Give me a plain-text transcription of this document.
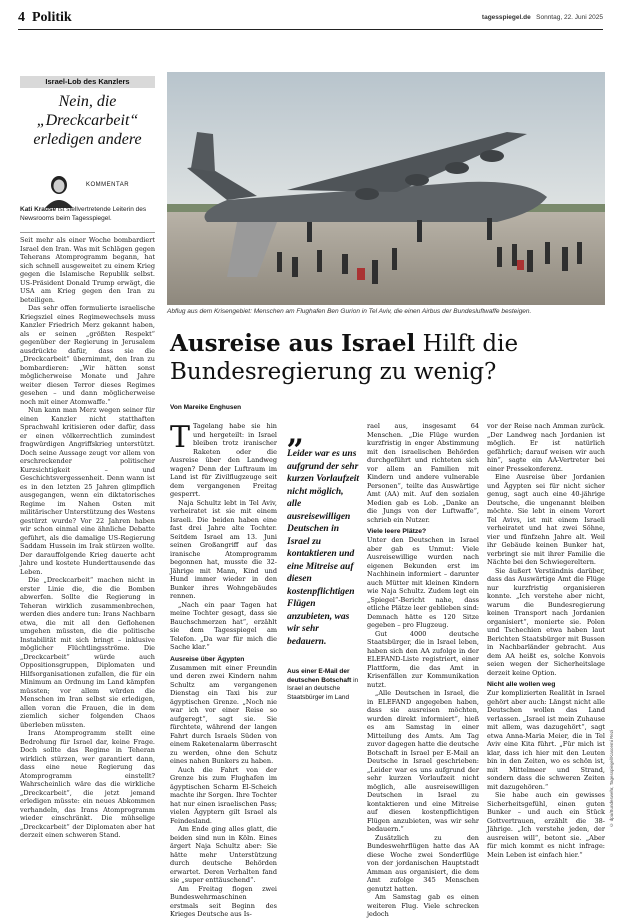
4 Politik	tagesspiegel.de Sonntag, 22. Juni 2025
Israel-Lob des Kanzlers
Nein, die „Dreckcarbeit“ erledigen andere
KOMMENTAR
Kati Krause ist stellvertretende Leiterin des Newsrooms beim Tagesspiegel.

Seit mehr als einer Woche bombardiert Israel den Iran. Was mit Schlägen gegen Teherans Atomprogramm begann, hat sich schnell ausgeweitet zu einem Krieg gegen die Islamische Republik selbst. US-Präsident Donald Trump erwägt, die USA am Krieg gegen den Iran zu beteiligen.

Das sehr offen formulierte israelische Kriegsziel eines Regimewechsels muss Kanzler Friedrich Merz gekannt haben, als er seinen „größten Respekt“ gegenüber der Regierung in Jerusalem ausdrückte dafür, dass sie die „Dreckcarbeit“ übernimmt, den Iran zu bombardieren: „Wir hätten sonst möglicherweise Monate und Jahre weiter diesen Terror dieses Regimes gesehen – und dann möglicherweise noch mit einer Atomwaffe.“

Nun kann man Merz wegen seiner für einen Kanzler nicht statthaften Sprachwahl kritisieren oder dafür, dass er einen völkerrechtlich zumindest fragwürdigen Angriffskrieg unterstützt. Doch seine Aussage zeugt vor allem von erschreckender politischer Kurzsichtigkeit – und Geschichtsvergessenheit. Denn wann ist es in den letzten 25 Jahren glimpflich ausgegangen, wenn ein diktatorisches Regime im Nahen Osten mit militärischer Unterstützung des Westens gestürzt wurde? Vor 22 Jahren haben wir schon einmal eine ähnliche Debatte geführt, als die damalige US-Regierung Saddam Hussein im Irak stürzen wollte. Der darauffolgende Krieg dauerte acht Jahre und kostete Hunderttausende das Leben.

Die „Dreckcarbeit“ machen nicht in erster Linie die, die die Bomben abwerfen. Sollte die Regierung in Teheran wirklich zusammenbrechen, werden dies andere tun: Irans Nachbarn etwa, die mit all den Geflohenen umgehen müssten, die die politische Instabilität mit sich bringt – inklusive möglicher Flüchtlingsströme. Die „Dreckcarbeit“ würde auch Oppositionsgruppen, Diplomaten und Hilfsorganisationen zufallen, die für ein Minimum an Ordnung im Land kämpfen müssten; vor allem würden die Menschen im Iran selbst sie erledigen, allen voran die Frauen, die in dem ziemlich sicher folgenden Chaos überleben müssten.

Irans Atomprogramm stellt eine Bedrohung für Israel dar, keine Frage. Doch sollte das Regime in Teheran wirklich stürzen, wer garantiert dann, dass eine neue Regierung das Atomprogramm einstellt? Wahrscheinlich wäre das die wirkliche „Dreckcarbeit“, die jetzt jemand erledigen müsste: ein neues Abkommen verhandeln, das Irans Atomprogramm wieder einschränkt. Die mühselige „Dreckcarbeit“ der Diplomaten aber hat derzeit einen schweren Stand.

Abflug aus dem Krisengebiet: Menschen am Flughafen Ben Gurion in Tel Aviv, die einen Airbus der Bundesluftwaffe besteigen.
Ausreise aus Israel Hilft die Bundesregierung zu wenig?
Von Mareike Enghusen

T Tagelang habe sie hin und hergeteilt: in Israel bleiben trotz iranischer Raketen oder die Ausreise über den Landweg wagen? Denn der Luftraum im Land ist für Zivilflugzeuge seit dem vergangenen Freitag gesperrt.

Naja Schultz lebt in Tel Aviv, verheiratet ist sie mit einem Israeli. Die beiden haben eine fast drei Jahre alte Tochter. Seitdem Israel am 13. Juni seinen Großangriff auf das iranische Atomprogramm begonnen hat, musste die 32-Jährige mit Mann, Kind und Hund immer wieder in den Bunker ihres Wohngebäudes rennen.

„Nach ein paar Tagen hat meine Tochter gesagt, dass sie Bauchschmerzen hat“, erzählt sie dem Tagesspiegel am Telefon. „Da war für mich die Sache klar.“

Ausreise über Ägypten

Zusammen mit einer Freundin und deren zwei Kindern nahm Schultz am vergangenen Dienstag ein Taxi bis zur ägyptischen Grenze. „Noch nie war ich vor einer Reise so aufgeregt“, sagt sie. Sie fürchtete, während der langen Fahrt durch Israels Süden von einem Raketenalarm überrascht zu werden, ohne den Schutz eines nahen Bunkers zu haben.

Auch die Fahrt von der Grenze bis zum Flughafen im ägyptischen Scharm El-Scheich machte ihr Sorgen. Ihre Tochter hat nur einen israelischen Pass; vielen Ägyptern gilt Israel als Feindesland.

Am Ende ging alles glatt, die beiden sind nun in Köln. Eines ärgert Naja Schultz aber: Sie hätte mehr Unterstützung durch deutsche Behörden erwartet. Deren Verhalten fand sie „super enttäuschend“.

Am Freitag flogen zwei Bundeswehrmaschinen erstmals seit Beginn des Krieges Deutsche aus Is-

„
Leider war es uns aufgrund der sehr kurzen Vorlaufzeit nicht möglich, alle ausreisewilligen Deutschen in Israel zu kontaktieren und eine Mitreise auf diesen kostenpflichtigen Flügen anzubieten, was wir sehr bedauern.
Aus einer E-Mail der deutschen Botschaft in Israel an deutsche Staatsbürger im Land

rael aus, insgesamt 64 Menschen. „Die Flüge wurden kurzfristig in enger Abstimmung mit den israelischen Behörden durchgeführt und richteten sich vor allem an Familien mit Kindern und andere vulnerable Personen“, teilte das Auswärtige Amt (AA) mit. Auf den sozialen Medien gab es Lob. „Danke an die Jungs von der Luftwaffe“, schrieb ein Nutzer.

Viele leere Plätze?

Unter den Deutschen in Israel aber gab es Unmut: Viele Ausreisewillige wurden nach eigenen Bekunden erst im Nachhinein informiert – darunter auch Mütter mit kleinen Kindern wie Naja Schultz. Zudem legt ein „Spiegel“-Bericht nahe, dass etliche Plätze leer geblieben sind: Demnach hätte es 120 Sitze gegeben – pro Flugzeug.

Gut 4000 deutsche Staatsbürger, die in Israel leben, haben sich den AA zufolge in der ELEFAND-Liste registriert, einer Plattform, die das Amt in Krisenfällen zur Kommunikation nutzt.

„Alle Deutschen in Israel, die in ELEFAND angegeben haben, dass sie ausreisen möchten, wurden direkt informiert“, hieß es am Samstag in einer Mitteilung des Amts. Am Tag zuvor dagegen hatte die deutsche Botschaft in Israel per E-Mail an Deutsche in Israel geschrieben: „Leider war es uns aufgrund der sehr kurzen Vorlaufzeit nicht möglich, alle ausreisewilligen Deutschen in Israel zu kontaktieren und eine Mitreise auf diesen kostenpflichtigen Flügen anzubieten, was wir sehr bedauern.“

Zusätzlich zu den Bundeswehrflügen hatte das AA diese Woche zwei Sonderflüge von der jordanischen Hauptstadt Amman aus organisiert, die dem Amt zufolge 345 Menschen genutzt hatten.

Am Samstag gab es einen weiteren Flug. Viele schrecken jedoch

vor der Reise nach Amman zurück. „Der Landweg nach Jordanien ist möglich. Er ist natürlich gefährlich; darauf weisen wir auch hin“, sagte ein AA-Vertreter bei einer Pressekonferenz.

Eine Ausreise über Jordanien und Ägypten sei für nicht sicher genug, sagt auch eine 40-jährige Deutsche, die ungenannt bleiben möchte. Sie lebt in einem Vorort Tel Avivs, ist mit einem Israeli verheiratet und hat zwei Söhne, vier und fünfzehn Jahre alt. Weil ihr Gebäude keinen Bunker hat, verbringt sie mit ihrer Familie die Nächte bei den Schwiegereltern.

Sie äußert Verständnis darüber, dass das Auswärtige Amt die Flüge nur kurzfristig organisieren konnte. „Ich verstehe aber nicht, warum die Bundesregierung keinen Transport nach Jordanien organisiert“, monierte sie. Polen und Tschechien etwa haben laut Berichten Staatsbürger mit Bussen in Nachbarländer gebracht. Aus dem AA heißt es, solche Konvois seien wegen der Sicherheitslage derzeit keine Option.

Nicht alle wollen weg

Zur komplizierten Realität in Israel gehört aber auch: Längst nicht alle Deutschen wollen das Land verlassen. „Israel ist mein Zuhause mit allem, was dazugehört“, sagt etwa Anna-Maria Meier, die in Tel Aviv eine Kita führt. „Für mich ist klar, dass ich hier mit den Leuten bin in den Zeiten, wo es schön ist, mit Mittelmeer und Strand, sondern dass die schweren Zeiten mit dazugehören.“

Sie habe auch ein gewisses Sicherheitsgefühl, einen guten Bunker – und auch ein Stück Gottvertrauen, erzählt die 38-Jährige. „Ich verstehe jeden, der ausreisen will“, betont sie. „Aber für mich kommt es nicht infrage: Mein Leben ist einfach hier.“

© dpa/Bundeswehr, Tagesspiegel/Kasoemi Rezi
